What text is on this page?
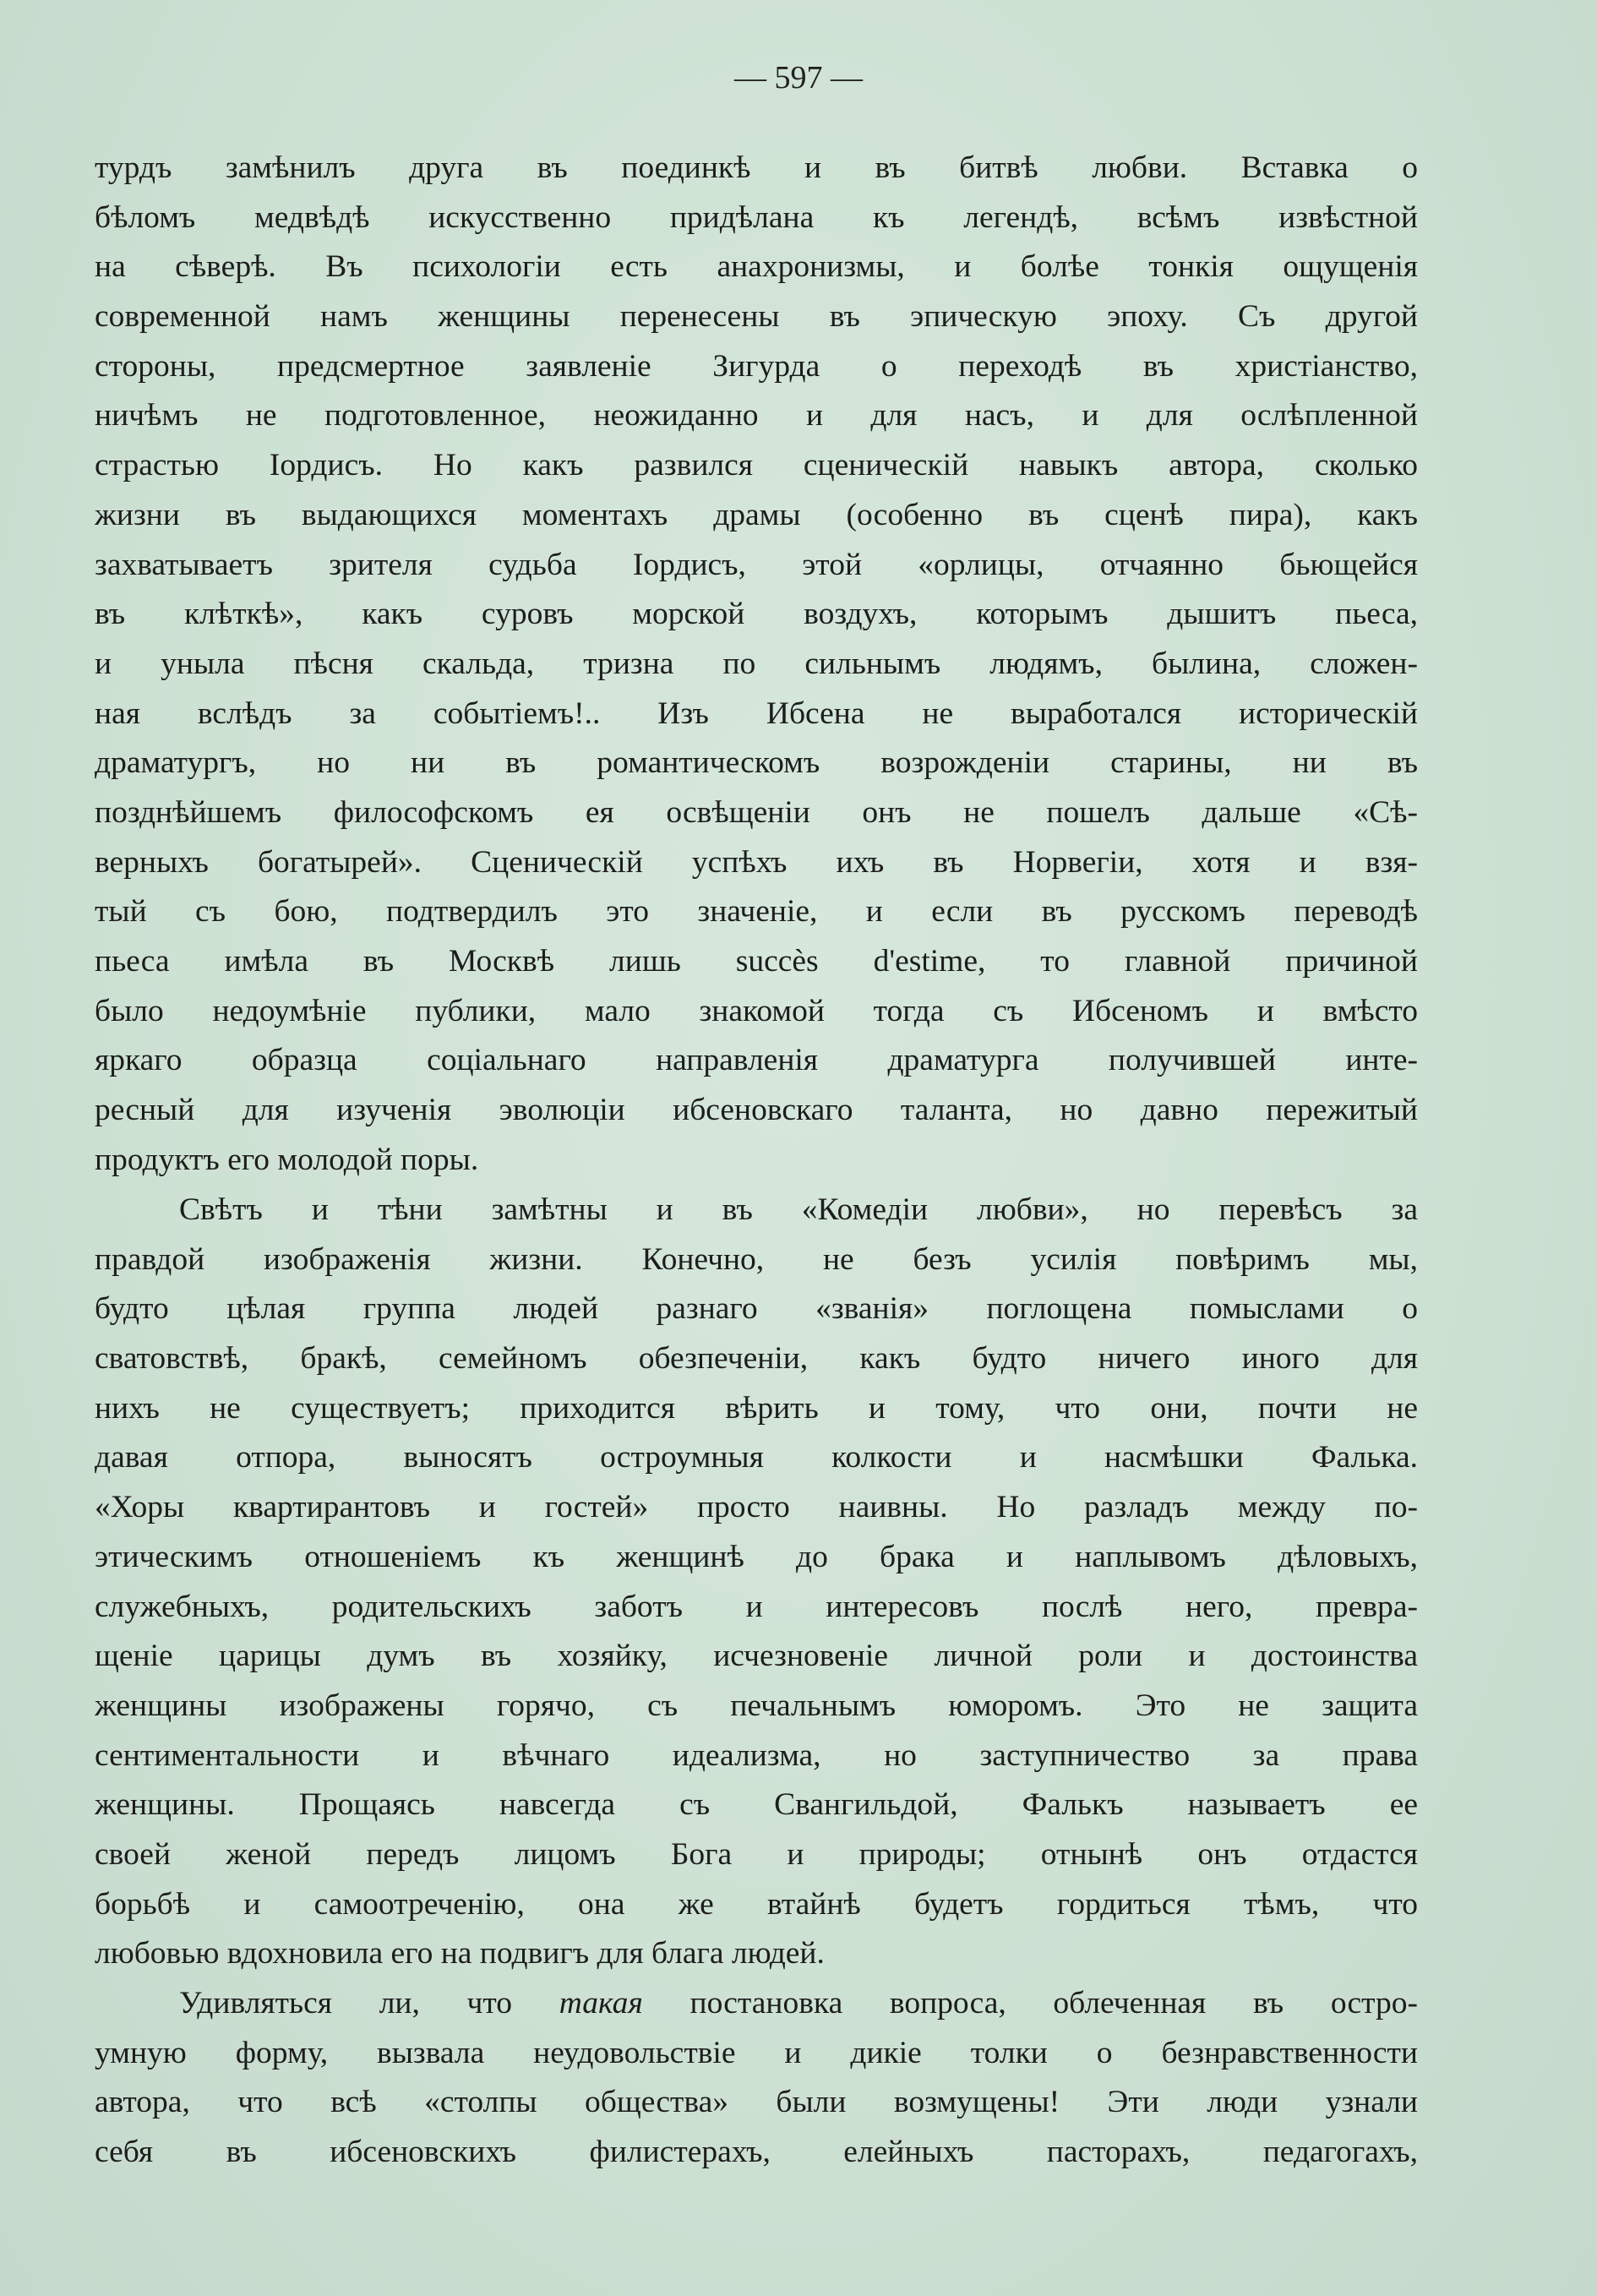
— 597 —
турдъ замѣнилъ друга въ поединкѣ и въ битвѣ любви. Вставка о
бѣломъ медвѣдѣ искусственно придѣлана къ легендѣ, всѣмъ извѣстной
на сѣверѣ. Въ психологіи есть анахронизмы, и болѣе тонкія ощущенія
современной намъ женщины перенесены въ эпическую эпоху. Съ другой
стороны, предсмертное заявленіе Зигурда о переходѣ въ христіанство,
ничѣмъ не подготовленное, неожиданно и для насъ, и для ослѣпленной
страстью Іордисъ. Но какъ развился сценическій навыкъ автора, сколько
жизни въ выдающихся моментахъ драмы (особенно въ сценѣ пира), какъ
захватываетъ зрителя судьба Іордисъ, этой «орлицы, отчаянно бьющейся
въ клѣткѣ», какъ суровъ морской воздухъ, которымъ дышитъ пьеса,
и уныла пѣсня скальда, тризна по сильнымъ людямъ, былина, сложен-
ная вслѣдъ за событіемъ!.. Изъ Ибсена не выработался историческій
драматургъ, но ни въ романтическомъ возрожденіи старины, ни въ
позднѣйшемъ философскомъ ея освѣщеніи онъ не пошелъ дальше «Сѣ-
верныхъ богатырей». Сценическій успѣхъ ихъ въ Норвегіи, хотя и взя-
тый съ бою, подтвердилъ это значеніе, и если въ русскомъ переводѣ
пьеса имѣла въ Москвѣ лишь succès d'estime, то главной причиной
было недоумѣніе публики, мало знакомой тогда съ Ибсеномъ и вмѣсто
яркаго образца соціальнаго направленія драматурга получившей инте-
ресный для изученія эволюціи ибсеновскаго таланта, но давно пережитый
продуктъ его молодой поры.
Свѣтъ и тѣни замѣтны и въ «Комедіи любви», но перевѣсъ за
правдой изображенія жизни. Конечно, не безъ усилія повѣримъ мы,
будто цѣлая группа людей разнаго «званія» поглощена помыслами о
сватовствѣ, бракѣ, семейномъ обезпеченіи, какъ будто ничего иного для
нихъ не существуетъ; приходится вѣрить и тому, что они, почти не
давая отпора, выносятъ остроумныя колкости и насмѣшки Фалька.
«Хоры квартирантовъ и гостей» просто наивны. Но разладъ между по-
этическимъ отношеніемъ къ женщинѣ до брака и наплывомъ дѣловыхъ,
служебныхъ, родительскихъ заботъ и интересовъ послѣ него, превра-
щеніе царицы думъ въ хозяйку, исчезновеніе личной роли и достоинства
женщины изображены горячо, съ печальнымъ юморомъ. Это не защита
сентиментальности и вѣчнаго идеализма, но заступничество за права
женщины. Прощаясь навсегда съ Свангильдой, Фалькъ называетъ ее
своей женой передъ лицомъ Бога и природы; отнынѣ онъ отдастся
борьбѣ и самоотреченію, она же втайнѣ будетъ гордиться тѣмъ, что
любовью вдохновила его на подвигъ для блага людей.
Удивляться ли, что такая постановка вопроса, облеченная въ остро-
умную форму, вызвала неудовольствіе и дикіе толки о безнравственности
автора, что всѣ «столпы общества» были возмущены! Эти люди узнали
себя въ ибсеновскихъ филистерахъ, елейныхъ пасторахъ, педагогахъ,
